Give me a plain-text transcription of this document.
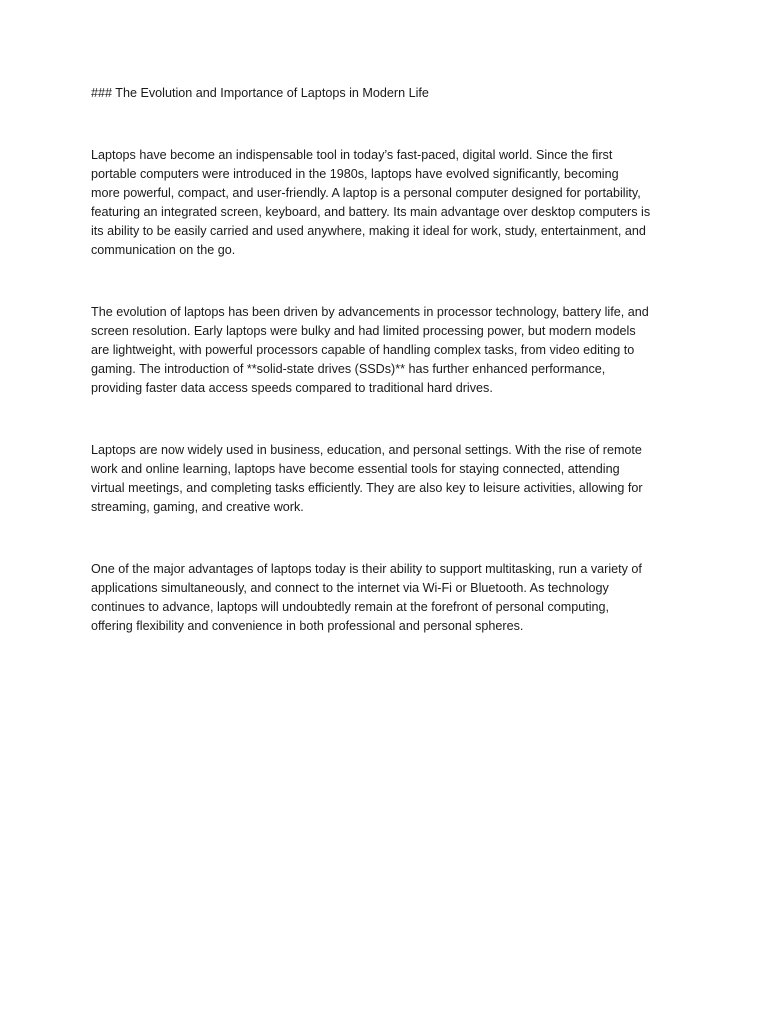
### The Evolution and Importance of Laptops in Modern Life

Laptops have become an indispensable tool in today’s fast-paced, digital world. Since the first
portable computers were introduced in the 1980s, laptops have evolved significantly, becoming
more powerful, compact, and user-friendly. A laptop is a personal computer designed for portability,
featuring an integrated screen, keyboard, and battery. Its main advantage over desktop computers is
its ability to be easily carried and used anywhere, making it ideal for work, study, entertainment, and
communication on the go.

The evolution of laptops has been driven by advancements in processor technology, battery life, and
screen resolution. Early laptops were bulky and had limited processing power, but modern models
are lightweight, with powerful processors capable of handling complex tasks, from video editing to
gaming. The introduction of **solid-state drives (SSDs)** has further enhanced performance,
providing faster data access speeds compared to traditional hard drives.

Laptops are now widely used in business, education, and personal settings. With the rise of remote
work and online learning, laptops have become essential tools for staying connected, attending
virtual meetings, and completing tasks efficiently. They are also key to leisure activities, allowing for
streaming, gaming, and creative work.

One of the major advantages of laptops today is their ability to support multitasking, run a variety of
applications simultaneously, and connect to the internet via Wi-Fi or Bluetooth. As technology
continues to advance, laptops will undoubtedly remain at the forefront of personal computing,
offering flexibility and convenience in both professional and personal spheres.
